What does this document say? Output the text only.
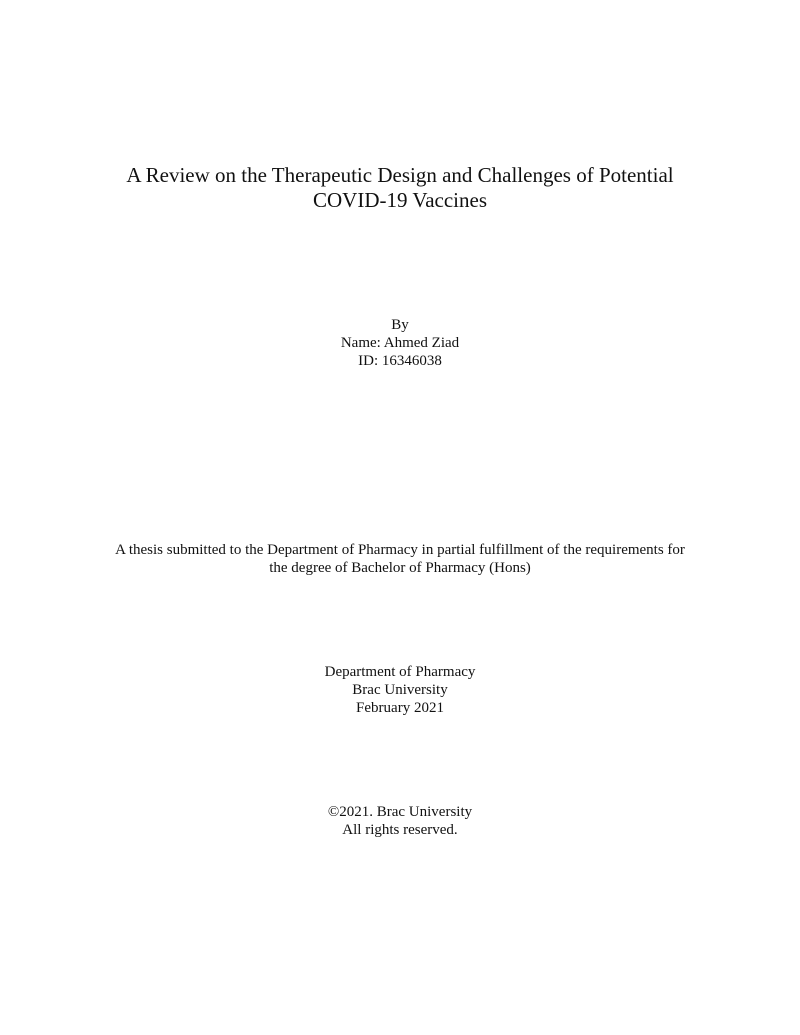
A Review on the Therapeutic Design and Challenges of Potential
COVID-19 Vaccines
By
Name: Ahmed Ziad
ID: 16346038
A thesis submitted to the Department of Pharmacy in partial fulfillment of the requirements for
the degree of Bachelor of Pharmacy (Hons)
Department of Pharmacy
Brac University
February 2021
©2021. Brac University
All rights reserved.
